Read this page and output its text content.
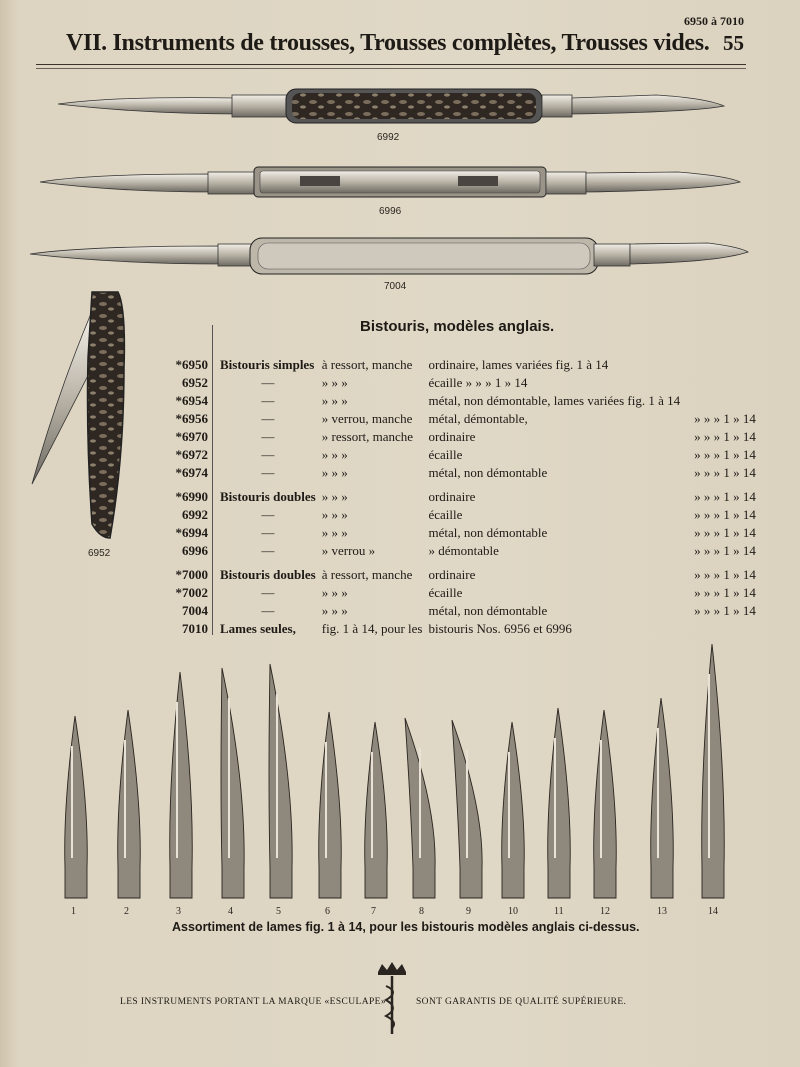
6950 à 7010
VII. Instruments de trousses, Trousses complètes, Trousses vides. 55
6992
6996
7004
6952
Bistouris, modèles anglais.
*6950	Bistouris simples	à ressort, manche	ordinaire, lames variées fig. 1 à 14	
6952	—	» » »	écaille » » » 1 » 14	
*6954	—	» » »	métal, non démontable, lames variées fig. 1 à 14	
*6956	—	» verrou, manche	métal, démontable,	» » » 1 » 14
*6970	—	» ressort, manche	ordinaire	» » » 1 » 14
*6972	—	» » »	écaille	» » » 1 » 14
*6974	—	» » »	métal, non démontable	» » » 1 » 14

*6990	Bistouris doubles	» » »	ordinaire	» » » 1 » 14
6992	—	» » »	écaille	» » » 1 » 14
*6994	—	» » »	métal, non démontable	» » » 1 » 14
6996	—	» verrou »	» démontable	» » » 1 » 14

*7000	Bistouris doubles	à ressort, manche	ordinaire	» » » 1 » 14
*7002	—	» » »	écaille	» » » 1 » 14
7004	—	» » »	métal, non démontable	» » » 1 » 14
7010	Lames seules,	fig. 1 à 14, pour les	bistouris Nos. 6956 et 6996	
1	2	3	4	5	6	7	8	9	10	11	12	13	14
Assortiment de lames fig. 1 à 14, pour les bistouris modèles anglais ci-dessus.
LES INSTRUMENTS PORTANT LA MARQUE «ESCULAPE»	SONT GARANTIS DE QUALITÉ SUPÉRIEURE.
